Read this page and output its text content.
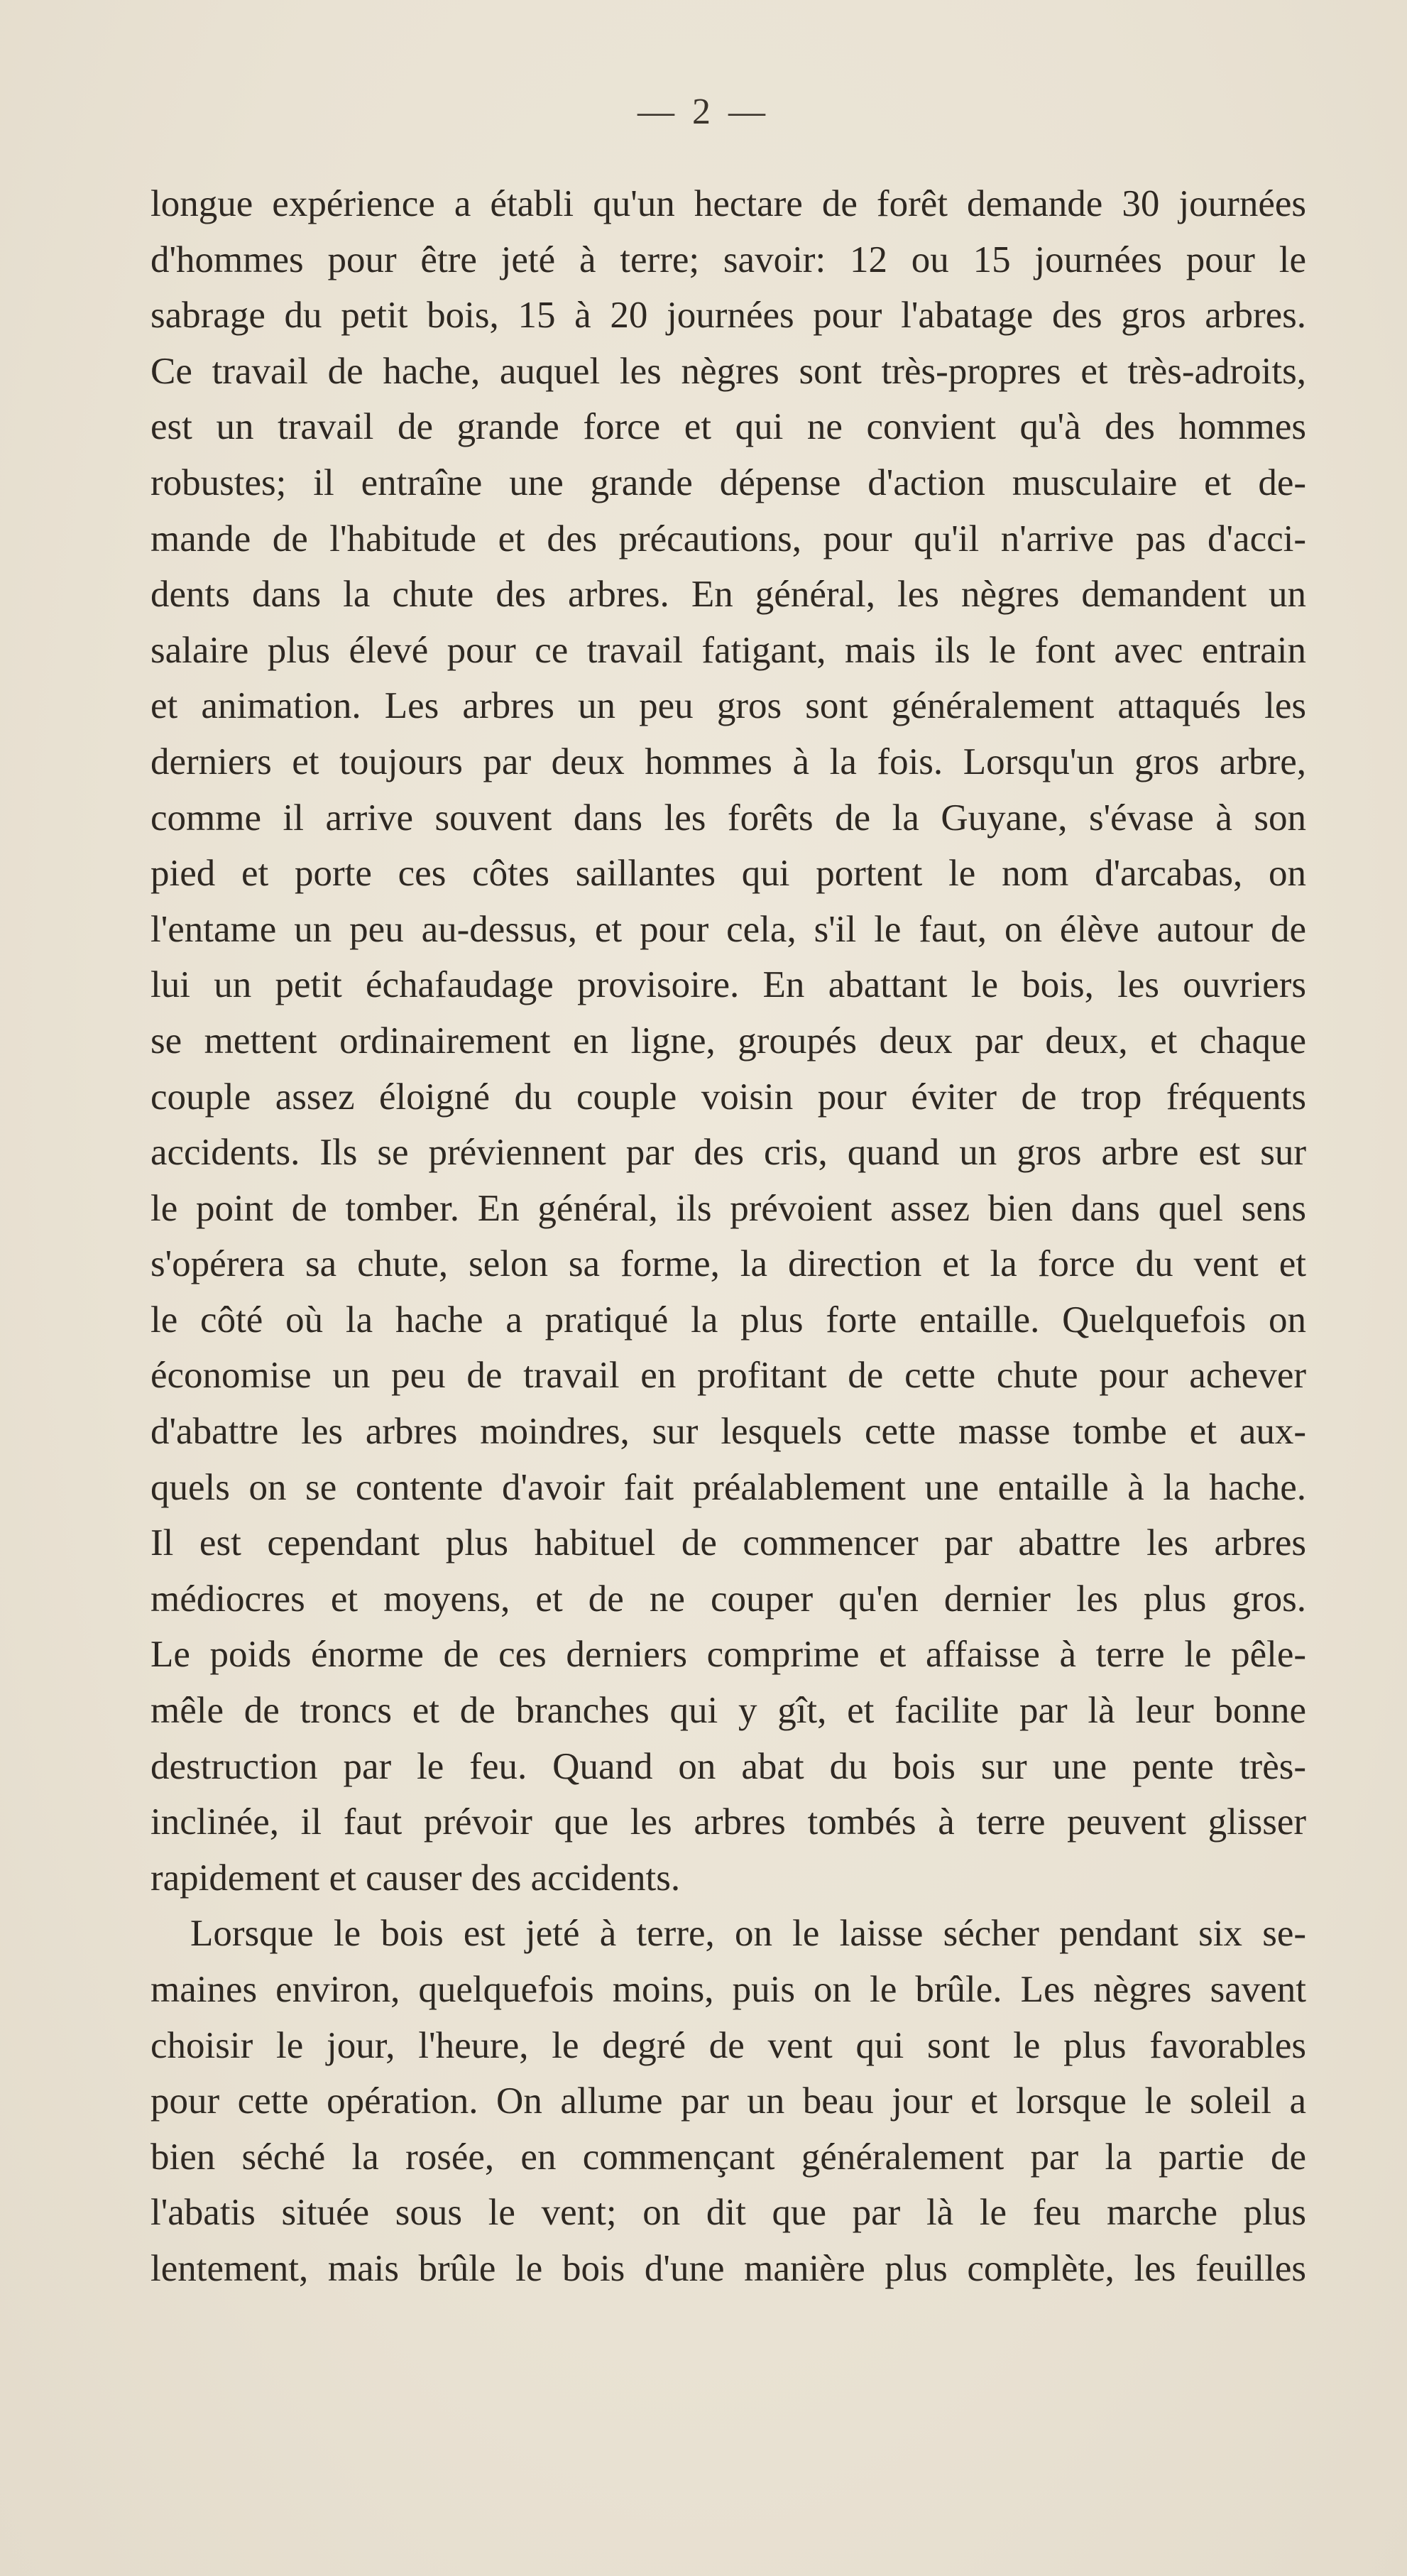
— 2 —

longue expérience a établi qu'un hectare de forêt demande 30 journées
d'hommes pour être jeté à terre; savoir: 12 ou 15 journées pour le
sabrage du petit bois, 15 à 20 journées pour l'abatage des gros arbres.
Ce travail de hache, auquel les nègres sont très-propres et très-adroits,
est un travail de grande force et qui ne convient qu'à des hommes
robustes; il entraîne une grande dépense d'action musculaire et de-
mande de l'habitude et des précautions, pour qu'il n'arrive pas d'acci-
dents dans la chute des arbres. En général, les nègres demandent un
salaire plus élevé pour ce travail fatigant, mais ils le font avec entrain
et animation. Les arbres un peu gros sont généralement attaqués les
derniers et toujours par deux hommes à la fois. Lorsqu'un gros arbre,
comme il arrive souvent dans les forêts de la Guyane, s'évase à son
pied et porte ces côtes saillantes qui portent le nom d'arcabas, on
l'entame un peu au-dessus, et pour cela, s'il le faut, on élève autour de
lui un petit échafaudage provisoire. En abattant le bois, les ouvriers
se mettent ordinairement en ligne, groupés deux par deux, et chaque
couple assez éloigné du couple voisin pour éviter de trop fréquents
accidents. Ils se préviennent par des cris, quand un gros arbre est sur
le point de tomber. En général, ils prévoient assez bien dans quel sens
s'opérera sa chute, selon sa forme, la direction et la force du vent et
le côté où la hache a pratiqué la plus forte entaille. Quelquefois on
économise un peu de travail en profitant de cette chute pour achever
d'abattre les arbres moindres, sur lesquels cette masse tombe et aux-
quels on se contente d'avoir fait préalablement une entaille à la hache.
Il est cependant plus habituel de commencer par abattre les arbres
médiocres et moyens, et de ne couper qu'en dernier les plus gros.
Le poids énorme de ces derniers comprime et affaisse à terre le pêle-
mêle de troncs et de branches qui y gît, et facilite par là leur bonne
destruction par le feu. Quand on abat du bois sur une pente très-
inclinée, il faut prévoir que les arbres tombés à terre peuvent glisser
rapidement et causer des accidents.

Lorsque le bois est jeté à terre, on le laisse sécher pendant six se-
maines environ, quelquefois moins, puis on le brûle. Les nègres savent
choisir le jour, l'heure, le degré de vent qui sont le plus favorables
pour cette opération. On allume par un beau jour et lorsque le soleil a
bien séché la rosée, en commençant généralement par la partie de
l'abatis située sous le vent; on dit que par là le feu marche plus
lentement, mais brûle le bois d'une manière plus complète, les feuilles
